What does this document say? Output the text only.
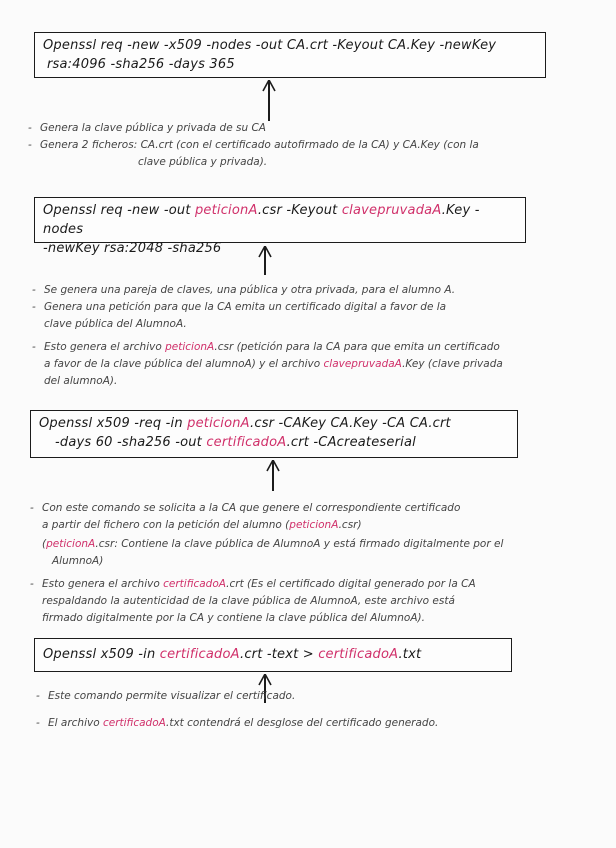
Openssl req -new -x509 -nodes -out CA.crt -Keyout CA.Key -newKey
rsa:4096 -sha256 -days 365
- Genera la clave pública y privada de su CA
- Genera 2 ficheros: CA.crt (con el certificado autofirmado de la CA) y CA.Key (con la
clave pública y privada).
Openssl req -new -out peticionA.csr -Keyout clavepruvadaA.Key -nodes
-newKey rsa:2048 -sha256
- Se genera una pareja de claves, una pública y otra privada, para el alumno A.
- Genera una petición para que la CA emita un certificado digital a favor de la
clave pública del AlumnoA.
- Esto genera el archivo peticionA.csr (petición para la CA para que emita un certificado
a favor de la clave pública del alumnoA) y el archivo clavepruvadaA.Key (clave privada
del alumnoA).
Openssl x509 -req -in peticionA.csr -CAKey CA.Key -CA CA.crt
-days 60 -sha256 -out certificadoA.crt -CAcreateserial
- Con este comando se solicita a la CA que genere el correspondiente certificado
a partir del fichero con la petición del alumno (peticionA.csr)
(peticionA.csr: Contiene la clave pública de AlumnoA y está firmado digitalmente por el
AlumnoA)
- Esto genera el archivo certificadoA.crt (Es el certificado digital generado por la CA
respaldando la autenticidad de la clave pública de AlumnoA, este archivo está
firmado digitalmente por la CA y contiene la clave pública del AlumnoA).
Openssl x509 -in certificadoA.crt -text > certificadoA.txt
- Este comando permite visualizar el certificado.
- El archivo certificadoA.txt contendrá el desglose del certificado generado.
